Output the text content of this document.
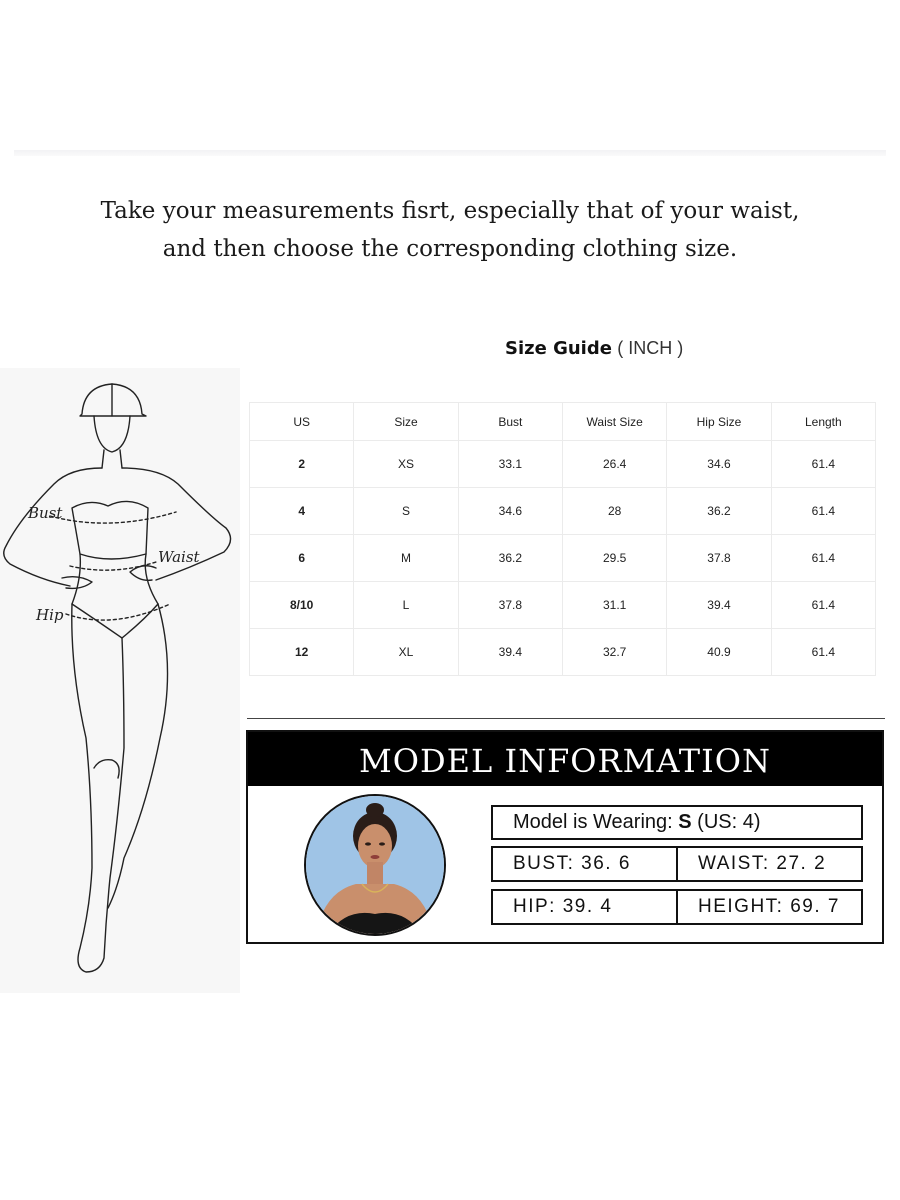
Take your measurements fisrt, especially that of your waist,
and then choose the corresponding clothing size.
Size Guide ( INCH )
Bust
Waist
Hip
US	Size	Bust	Waist Size	Hip Size	Length
2	XS	33.1	26.4	34.6	61.4
4	S	34.6	28	36.2	61.4
6	M	36.2	29.5	37.8	61.4
8/10	L	37.8	31.1	39.4	61.4
12	XL	39.4	32.7	40.9	61.4
MODEL INFORMATION
Model is Wearing: S (US: 4)
BUST: 36. 6	WAIST: 27. 2
HIP: 39. 4	HEIGHT: 69. 7
